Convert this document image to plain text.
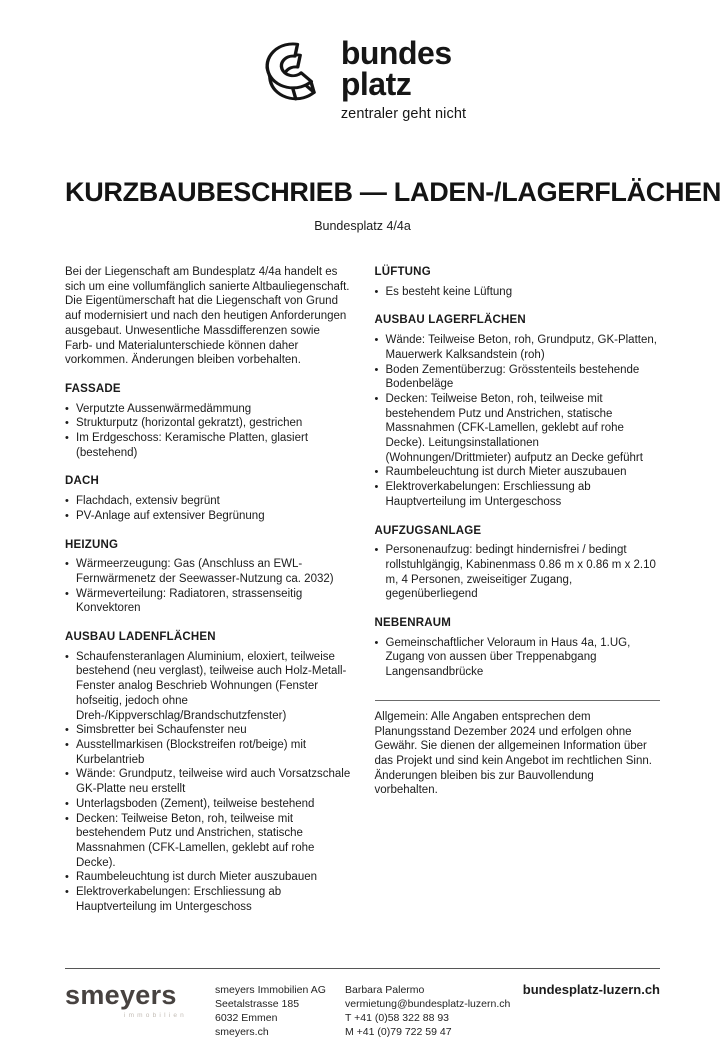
bundes
platz
zentraler geht nicht
KURZBAUBESCHRIEB — LADEN-/LAGERFLÄCHEN
Bundesplatz 4/4a

Bei der Liegenschaft am Bundesplatz 4/4a handelt es sich um eine vollumfänglich sanierte Altbauliegenschaft. Die Eigentümerschaft hat die Liegenschaft von Grund auf modernisiert und nach den heutigen Anforderungen ausgebaut. Unwesentliche Massdifferenzen sowie Farb- und Materialunterschiede können daher vorkommen. Änderungen bleiben vorbehalten.

FASSADE
• Verputzte Aussenwärmedämmung
• Strukturputz (horizontal gekratzt), gestrichen
• Im Erdgeschoss: Keramische Platten, glasiert (bestehend)
DACH
• Flachdach, extensiv begrünt
• PV-Anlage auf extensiver Begrünung
HEIZUNG
• Wärmeerzeugung: Gas (Anschluss an EWL-Fernwärmenetz der Seewasser-Nutzung ca. 2032)
• Wärmeverteilung: Radiatoren, strassenseitig Konvektoren
AUSBAU LADENFLÄCHEN
• Schaufensteranlagen Aluminium, eloxiert, teilweise bestehend (neu verglast), teilweise auch Holz-Metall-Fenster analog Beschrieb Wohnungen (Fenster hofseitig, jedoch ohne Dreh-/Kippverschlag/Brandschutzfenster)
• Simsbretter bei Schaufenster neu
• Ausstellmarkisen (Blockstreifen rot/beige) mit Kurbelantrieb
• Wände: Grundputz, teilweise wird auch Vorsatzschale GK-Platte neu erstellt
• Unterlagsboden (Zement), teilweise bestehend
• Decken: Teilweise Beton, roh, teilweise mit bestehendem Putz und Anstrichen, statische Massnahmen (CFK-Lamellen, geklebt auf rohe Decke).
• Raumbeleuchtung ist durch Mieter auszubauen
• Elektroverkabelungen: Erschliessung ab Hauptverteilung im Untergeschoss
LÜFTUNG
• Es besteht keine Lüftung
AUSBAU LAGERFLÄCHEN
• Wände: Teilweise Beton, roh, Grundputz, GK-Platten, Mauerwerk Kalksandstein (roh)
• Boden Zementüberzug: Grösstenteils bestehende Bodenbeläge
• Decken: Teilweise Beton, roh, teilweise mit bestehendem Putz und Anstrichen, statische Massnahmen (CFK-Lamellen, geklebt auf rohe Decke). Leitungsinstallationen (Wohnungen/Drittmieter) aufputz an Decke geführt
• Raumbeleuchtung ist durch Mieter auszubauen
• Elektroverkabelungen: Erschliessung ab Hauptverteilung im Untergeschoss
AUFZUGSANLAGE
• Personenaufzug: bedingt hindernisfrei / bedingt rollstuhlgängig, Kabinenmass 0.86 m x 0.86 m x 2.10 m, 4 Personen, zweiseitiger Zugang, gegenüberliegend
NEBENRAUM
• Gemeinschaftlicher Veloraum in Haus 4a, 1.UG, Zugang von aussen über Treppenabgang Langensandbrücke

Allgemein: Alle Angaben entsprechen dem Planungsstand Dezember 2024 und erfolgen ohne Gewähr. Sie dienen der allgemeinen Information über das Projekt und sind kein Angebot im rechtlichen Sinn. Änderungen bleiben bis zur Bauvollendung vorbehalten.

smeyers
immobilien
smeyers Immobilien AG
Seetalstrasse 185
6032 Emmen
smeyers.ch
Barbara Palermo
vermietung@bundesplatz-luzern.ch
T +41 (0)58 322 88 93
M +41 (0)79 722 59 47
bundesplatz-luzern.ch
